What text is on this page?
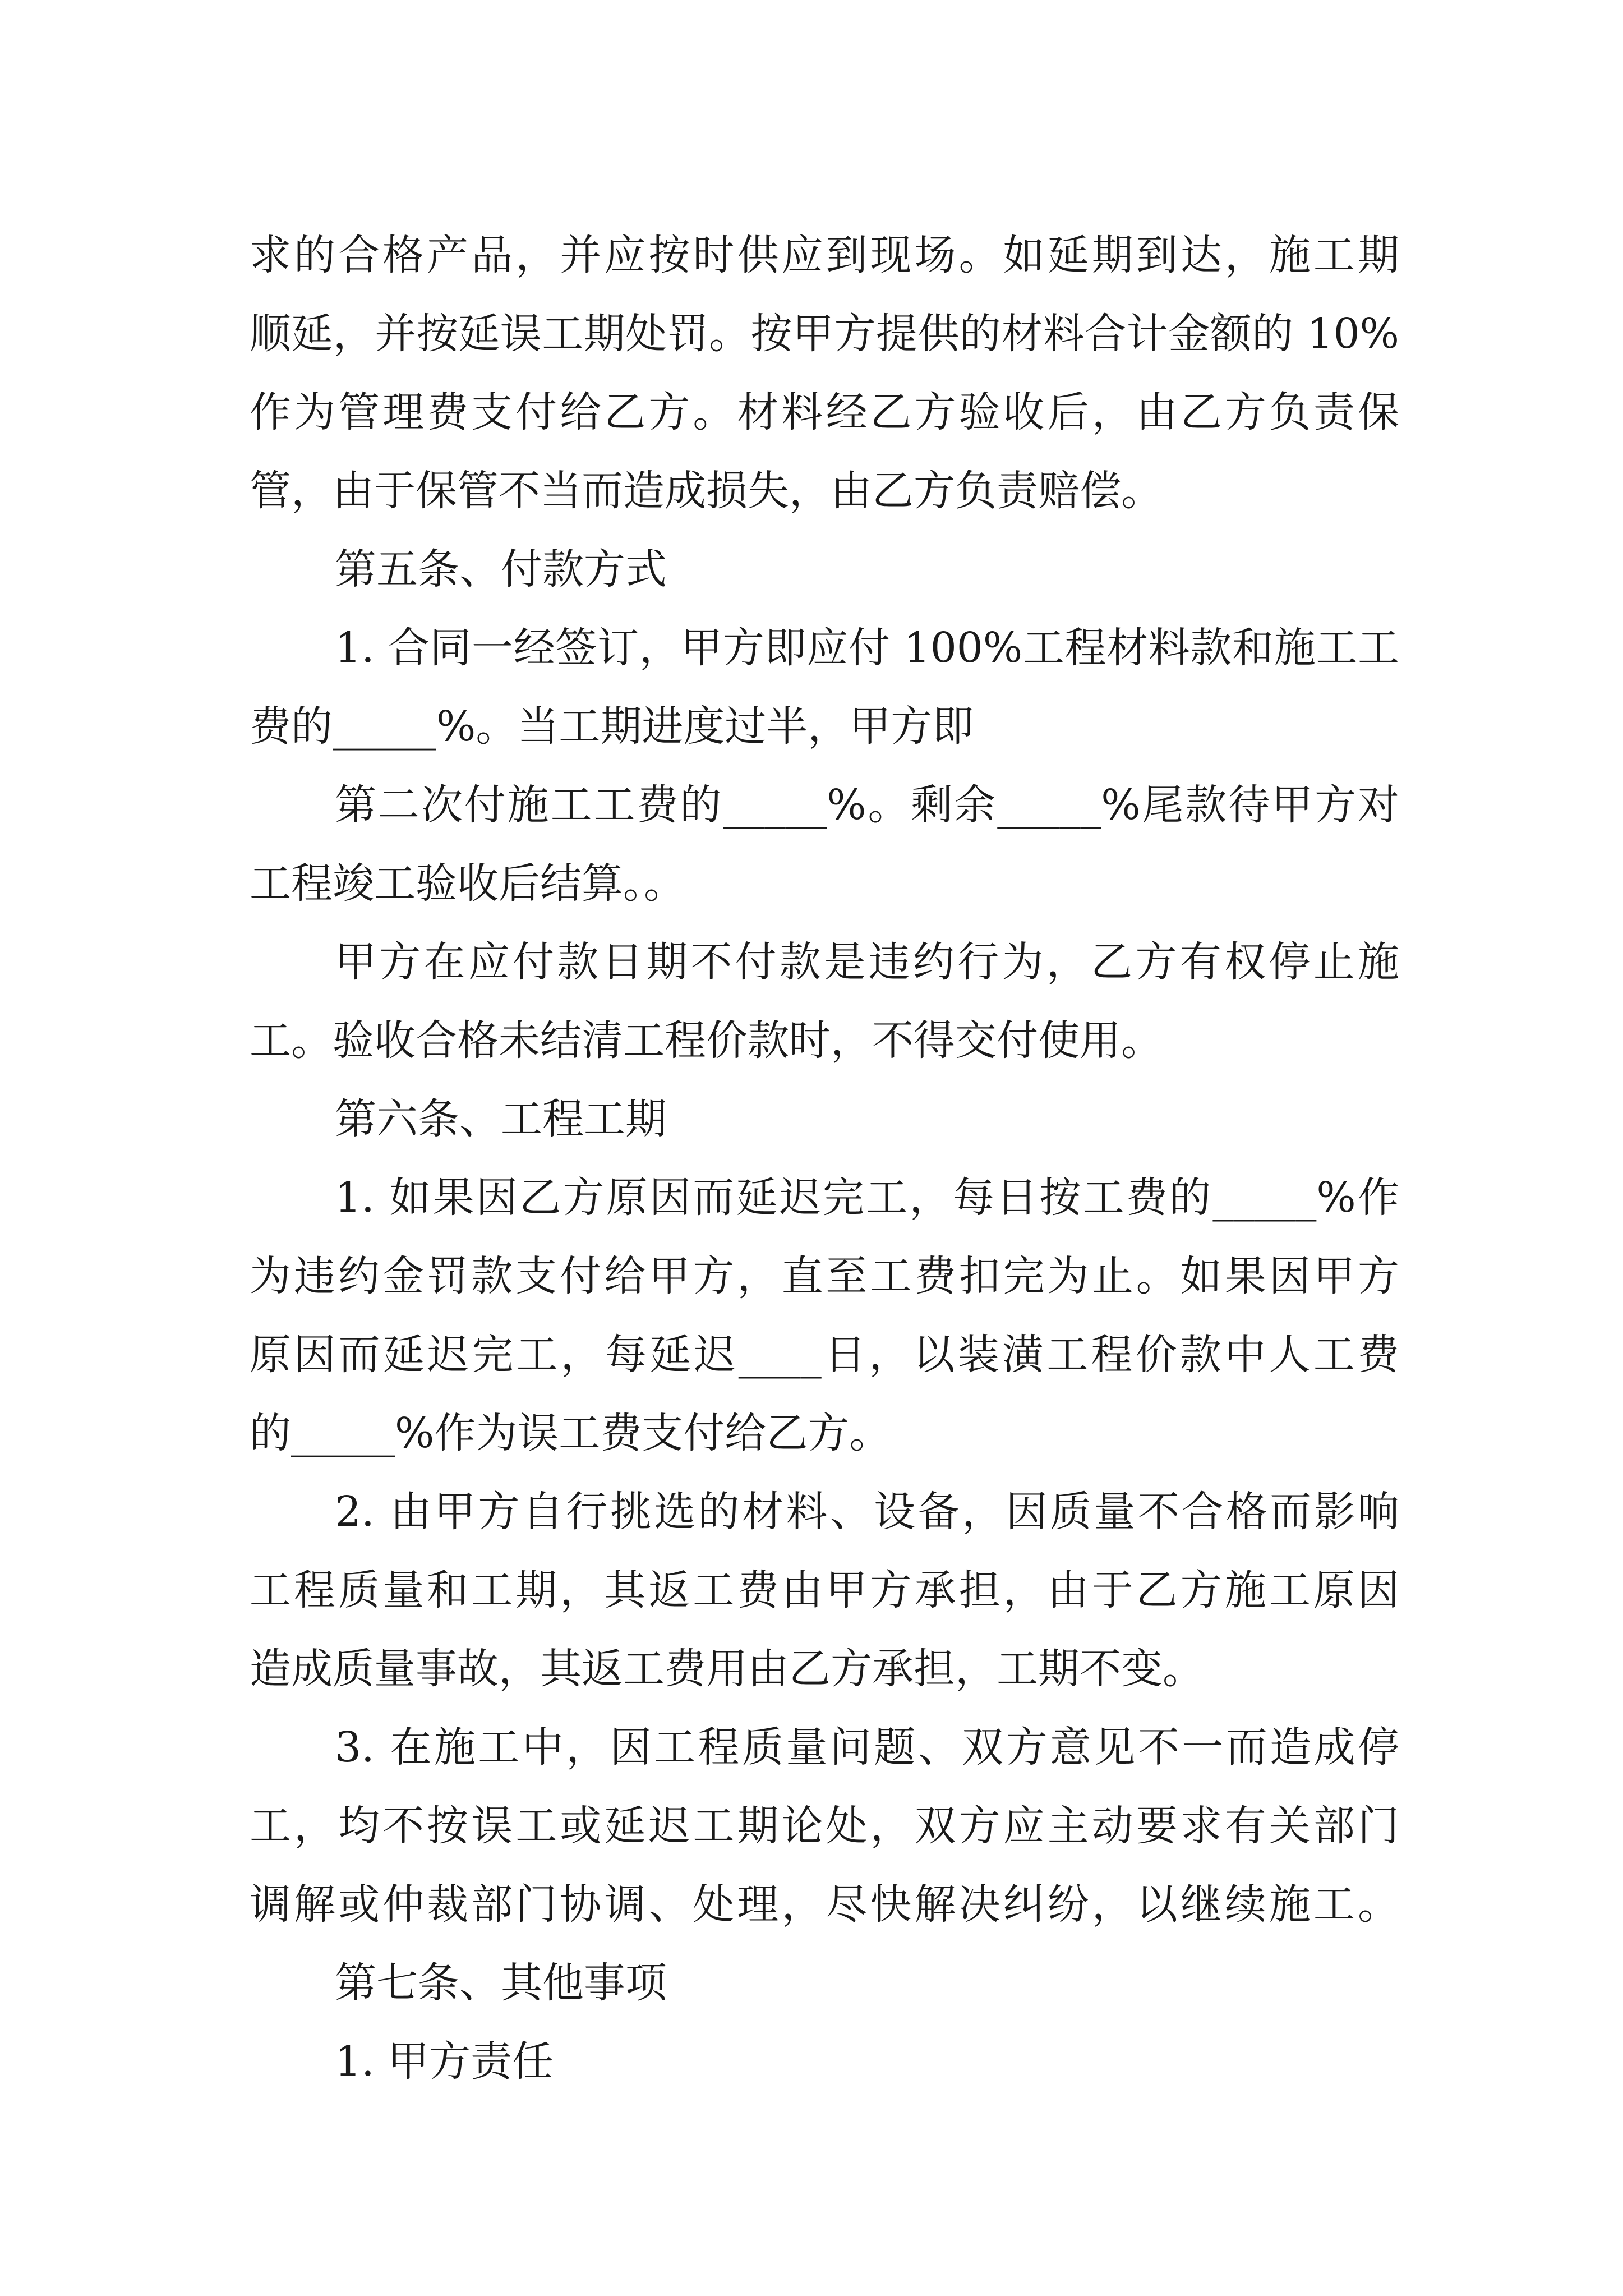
求的合格产品，并应按时供应到现场。如延期到达，施工期
顺延，并按延误工期处罚。按甲方提供的材料合计金额的 10%
作为管理费支付给乙方。材料经乙方验收后，由乙方负责保
管，由于保管不当而造成损失，由乙方负责赔偿。
第五条、付款方式
1. 合同一经签订，甲方即应付 100%工程材料款和施工工
费的_____%。当工期进度过半，甲方即
第二次付施工工费的_____%。剩余_____%尾款待甲方对
工程竣工验收后结算。。
甲方在应付款日期不付款是违约行为，乙方有权停止施
工。验收合格未结清工程价款时，不得交付使用。
第六条、工程工期
1. 如果因乙方原因而延迟完工，每日按工费的_____%作
为违约金罚款支付给甲方，直至工费扣完为止。如果因甲方
原因而延迟完工，每延迟____日，以装潢工程价款中人工费
的_____%作为误工费支付给乙方。
2. 由甲方自行挑选的材料、设备，因质量不合格而影响
工程质量和工期，其返工费由甲方承担，由于乙方施工原因
造成质量事故，其返工费用由乙方承担，工期不变。
3. 在施工中，因工程质量问题、双方意见不一而造成停
工，均不按误工或延迟工期论处，双方应主动要求有关部门
调解或仲裁部门协调、处理，尽快解决纠纷，以继续施工。
第七条、其他事项
1. 甲方责任
